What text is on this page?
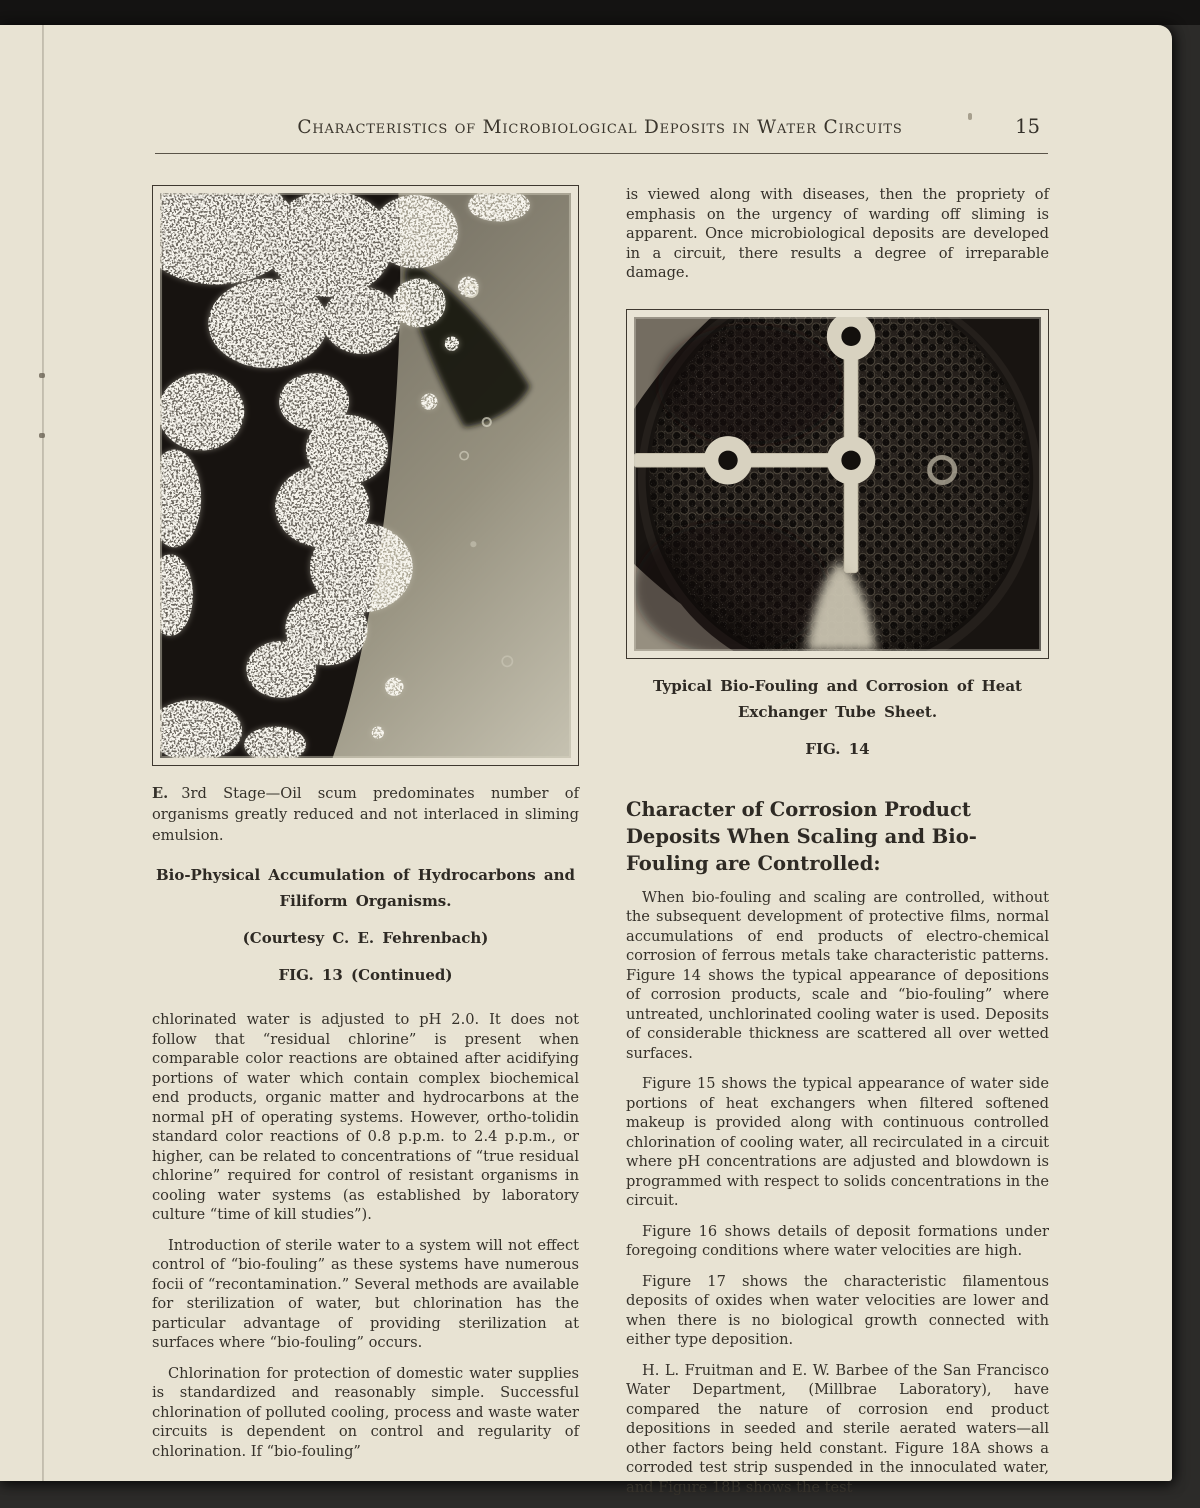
Characteristics of Microbiological Deposits in Water Circuits	15

E. 3rd Stage—Oil scum predominates number of organisms greatly reduced and not interlaced in sliming emulsion.

Bio-Physical Accumulation of Hydrocarbons and Filiform Organisms.

(Courtesy C. E. Fehrenbach)

FIG. 13 (Continued)

chlorinated water is adjusted to pH 2.0. It does not follow that “residual chlorine” is present when comparable color reactions are obtained after acidifying portions of water which contain complex biochemical end products, organic matter and hydrocarbons at the normal pH of operating systems. However, ortho-tolidin standard color reactions of 0.8 p.p.m. to 2.4 p.p.m., or higher, can be related to concentrations of “true residual chlorine” required for control of resistant organisms in cooling water systems (as established by laboratory culture “time of kill studies”).

Introduction of sterile water to a system will not effect control of “bio-fouling” as these systems have numerous focii of “recontamination.” Several methods are available for sterilization of water, but chlorination has the particular advantage of providing sterilization at surfaces where “bio-fouling” occurs.

Chlorination for protection of domestic water supplies is standardized and reasonably simple. Successful chlorination of polluted cooling, process and waste water circuits is dependent on control and regularity of chlorination. If “bio-fouling”

is viewed along with diseases, then the propriety of emphasis on the urgency of warding off sliming is apparent. Once microbiological deposits are developed in a circuit, there results a degree of irreparable damage.

Typical Bio-Fouling and Corrosion of Heat Exchanger Tube Sheet.

FIG. 14

Character of Corrosion Product Deposits When Scaling and Bio-Fouling are Controlled:

When bio-fouling and scaling are controlled, without the subsequent development of protective films, normal accumulations of end products of electro-chemical corrosion of ferrous metals take characteristic patterns. Figure 14 shows the typical appearance of depositions of corrosion products, scale and “bio-fouling” where untreated, unchlorinated cooling water is used. Deposits of considerable thickness are scattered all over wetted surfaces.

Figure 15 shows the typical appearance of water side portions of heat exchangers when filtered softened makeup is provided along with continuous controlled chlorination of cooling water, all recirculated in a circuit where pH concentrations are adjusted and blowdown is programmed with respect to solids concentrations in the circuit.

Figure 16 shows details of deposit formations under foregoing conditions where water velocities are high.

Figure 17 shows the characteristic filamentous deposits of oxides when water velocities are lower and when there is no biological growth connected with either type deposition.

H. L. Fruitman and E. W. Barbee of the San Francisco Water Department, (Millbrae Laboratory), have compared the nature of corrosion end product depositions in seeded and sterile aerated waters—all other factors being held constant. Figure 18A shows a corroded test strip suspended in the innoculated water, and Figure 18B shows the test
